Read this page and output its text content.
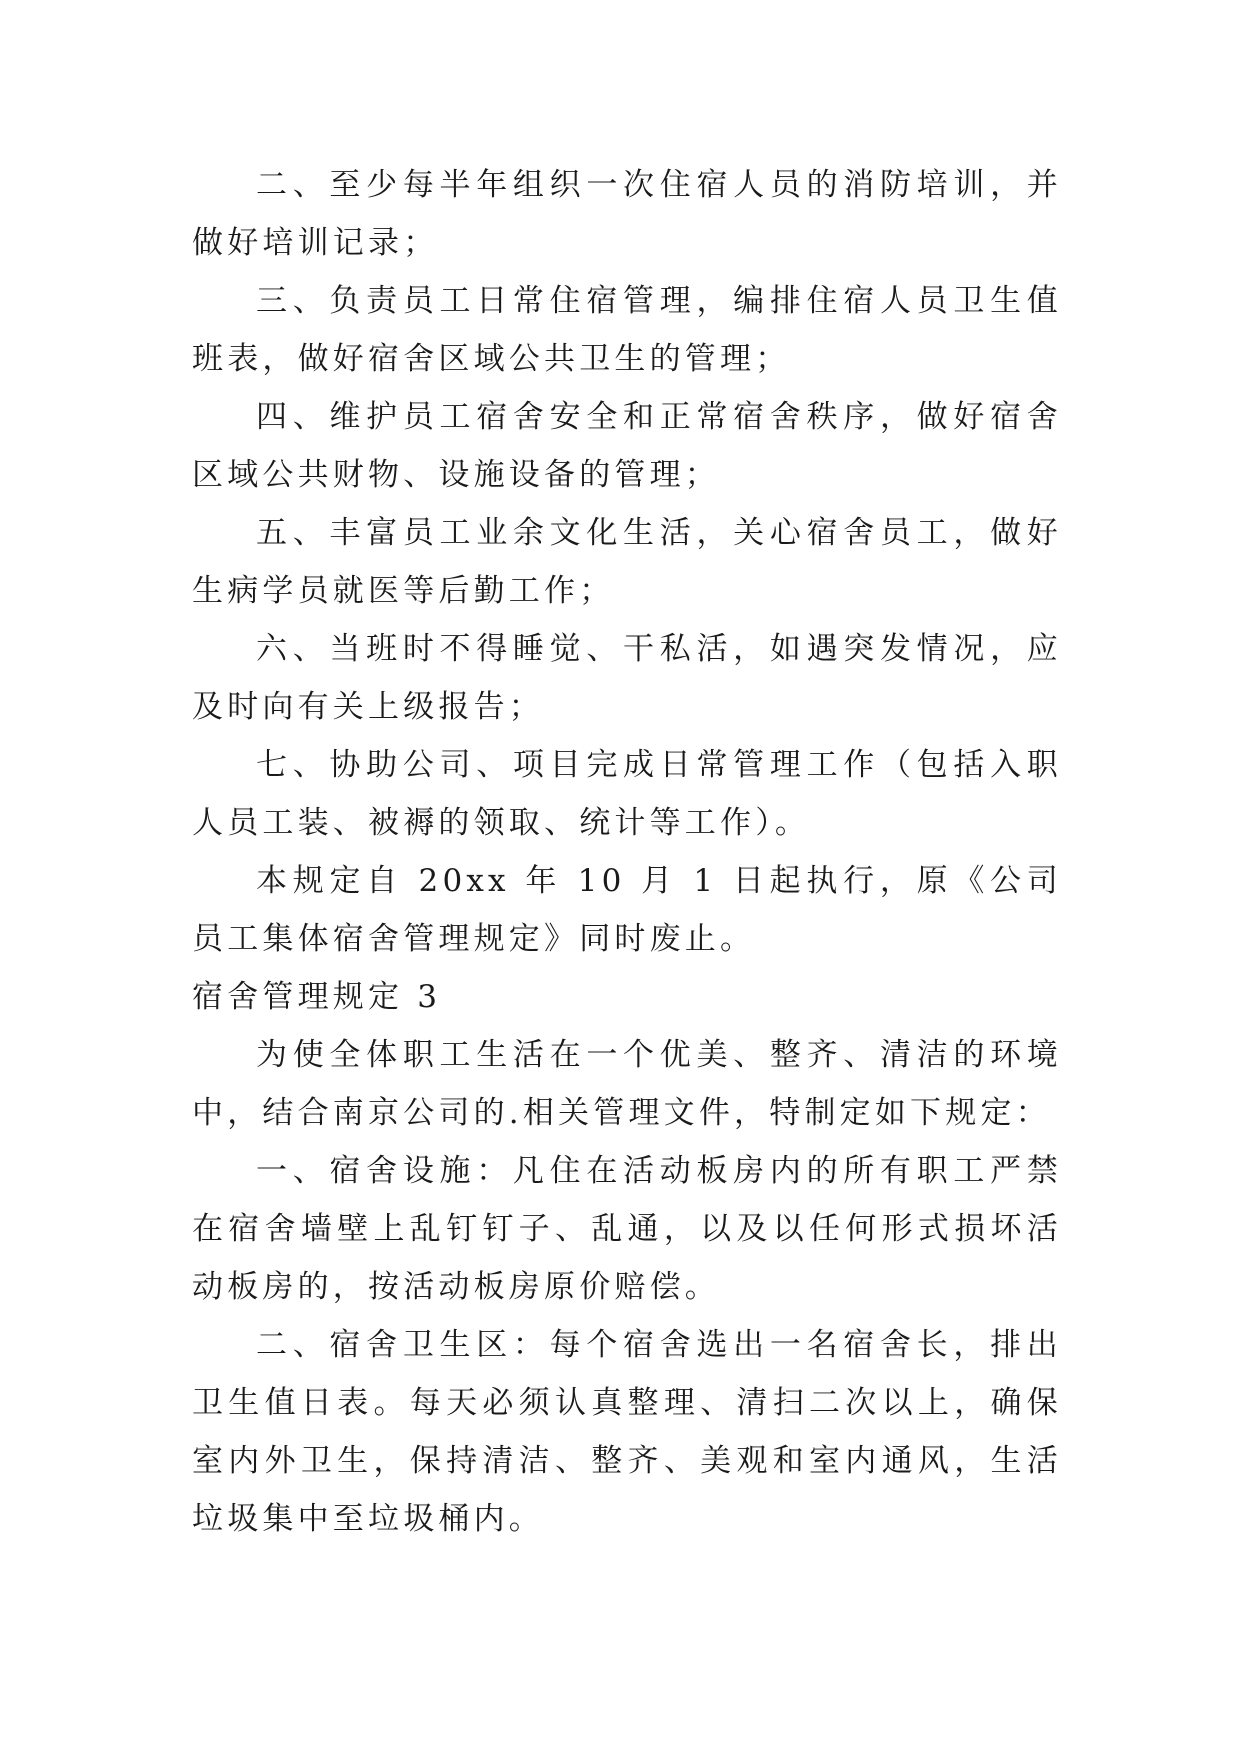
二、至少每半年组织一次住宿人员的消防培训，并做好培训记录；

三、负责员工日常住宿管理，编排住宿人员卫生值班表，做好宿舍区域公共卫生的管理；

四、维护员工宿舍安全和正常宿舍秩序，做好宿舍区域公共财物、设施设备的管理；

五、丰富员工业余文化生活，关心宿舍员工，做好生病学员就医等后勤工作；

六、当班时不得睡觉、干私活，如遇突发情况，应及时向有关上级报告；

七、协助公司、项目完成日常管理工作（包括入职人员工装、被褥的领取、统计等工作）。

本规定自 20xx 年 10 月 1 日起执行，原《公司员工集体宿舍管理规定》同时废止。

宿舍管理规定 3

为使全体职工生活在一个优美、整齐、清洁的环境中，结合南京公司的.相关管理文件，特制定如下规定：

一、宿舍设施：凡住在活动板房内的所有职工严禁在宿舍墙壁上乱钉钉子、乱通，以及以任何形式损坏活动板房的，按活动板房原价赔偿。

二、宿舍卫生区：每个宿舍选出一名宿舍长，排出卫生值日表。每天必须认真整理、清扫二次以上，确保室内外卫生，保持清洁、整齐、美观和室内通风，生活垃圾集中至垃圾桶内。
